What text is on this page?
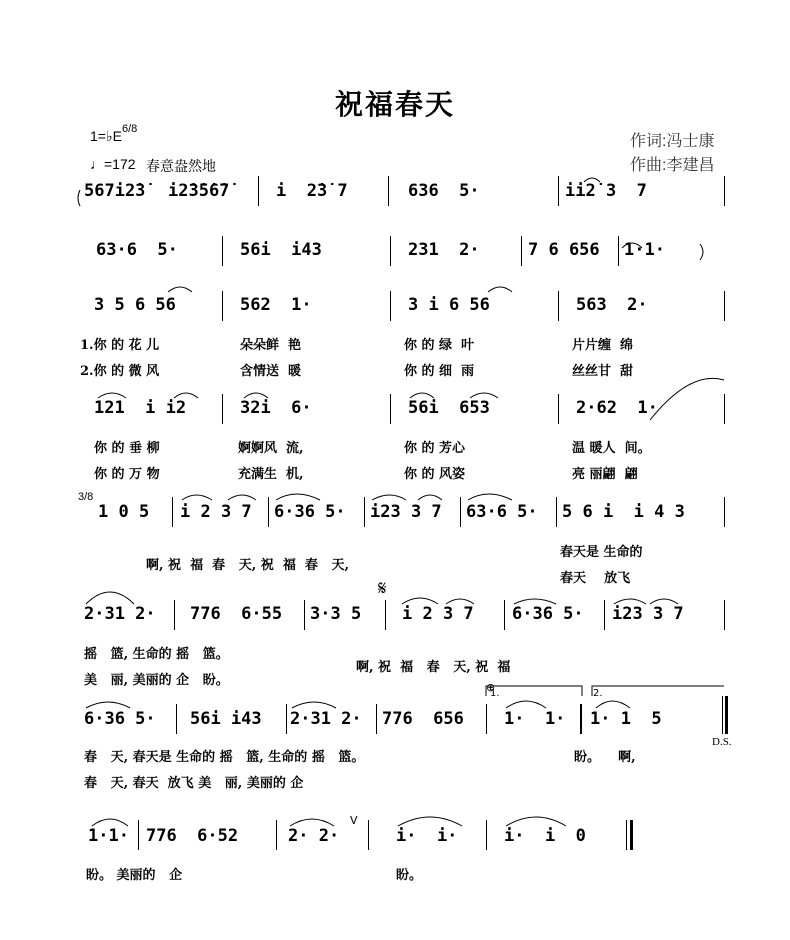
祝福春天
1=♭E 6/8
♩=172 春意盎然地
作词:冯士康
作曲:李建昌
567i2̇3̇ i2̇3̇5̇6̇7̇	i  2̇3̇ 7	636  5·	ii2̇ 3  7
63·6  5·	56i  i43	231  2·	7 6 656 1·1·
3 5 6 56	562  1·	3 i 6 56	563  2·
1.你 的 花 儿	朵朵鲜  艳	你 的 绿  叶	片片缠  绵
2.你 的 微 风	含情送  暖	你 的 细  雨	丝丝甘  甜
121  i i2	32i  6·	56i  653	2·62  1·
你 的 垂 柳	婀婀风  流,	你 的 芳心	温 暖人  间。
你 的 万 物	充满生  机,	你 的 风姿	亮 丽翩  翩
3/8
1 0 5 i 2 3 7 6·36 5· i23 3 7 63·6 5· 5 6 i  i 4 3
啊, 祝  福  春   天, 祝  福  春   天,
春天是 生命的
春天    放飞
2·31 2· 776  6·55 3·3 5
𝄋
i 2 3 7 6·36 5· i23 3 7
摇   篮, 生命的 摇   篮。
美   丽, 美丽的 企   盼。
啊, 祝  福   春   天, 祝  福
6·36 5· 56i i43 2·31 2· 776  656 1·  1· 1· 1  5
⊕
1.	2.
D.S.
春   天, 春天是 生命的 摇   篮, 生命的 摇   篮。	盼。    啊,
春   天, 春天  放飞 美   丽, 美丽的 企
1·1· 776  6·52	2· 2·
V
i·  i·	i·  i  0
盼。 美丽的   企	盼。
